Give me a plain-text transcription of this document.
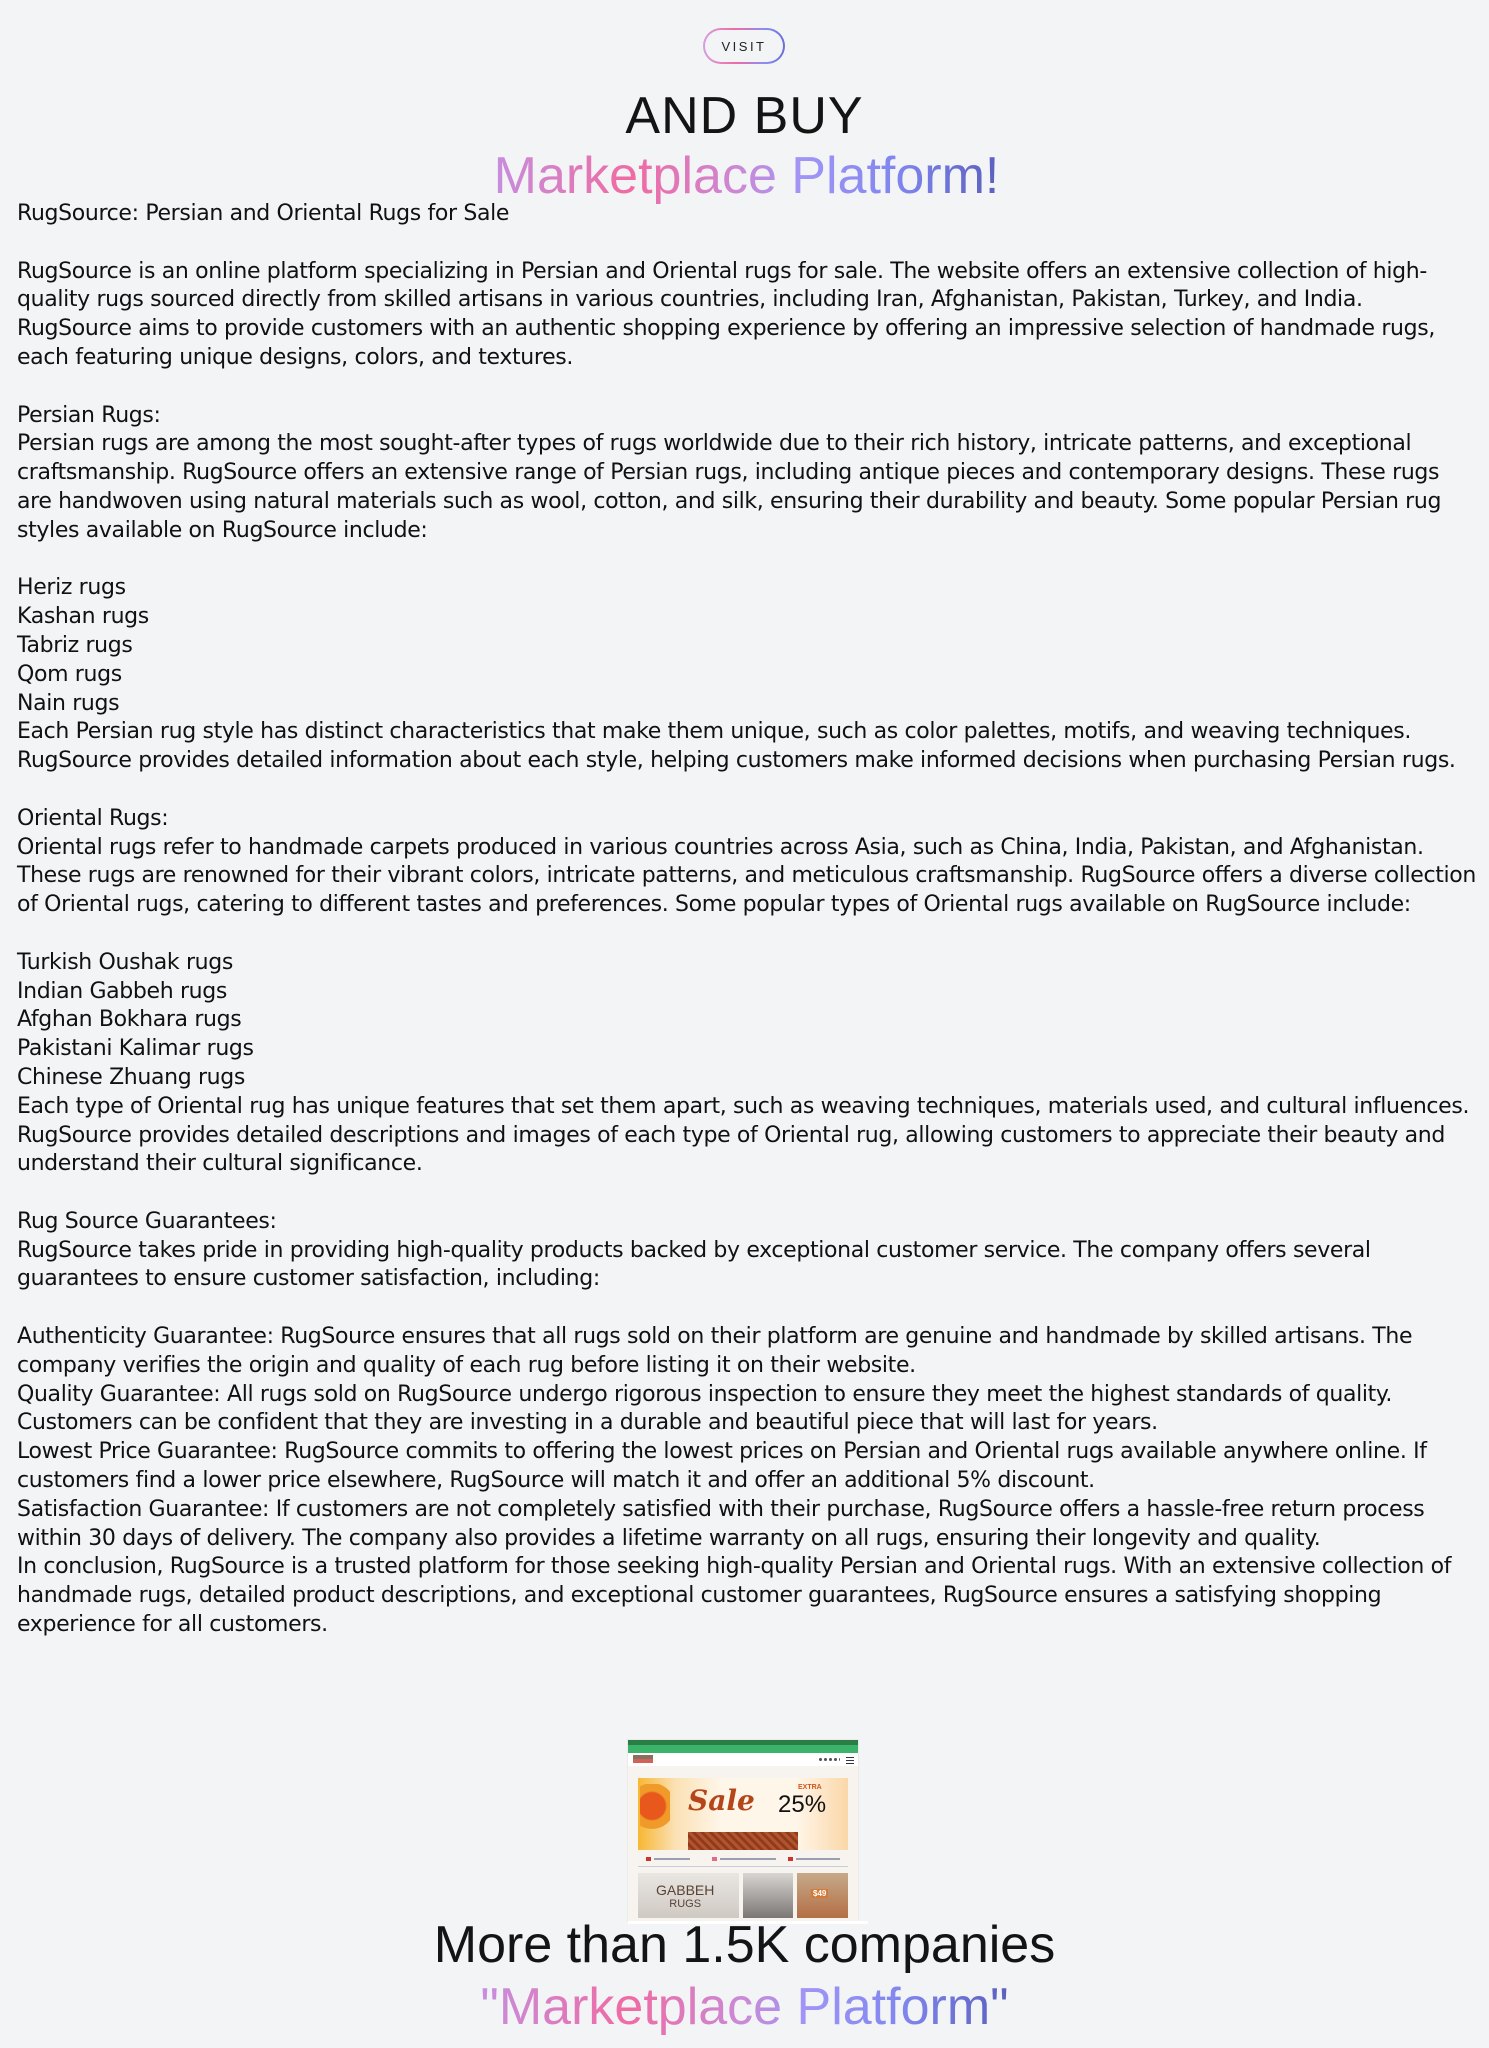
VISIT
AND BUY
Marketplace Platform!

RugSource: Persian and Oriental Rugs for Sale

RugSource is an online platform specializing in Persian and Oriental rugs for sale. The website offers an extensive collection of high-quality rugs sourced directly from skilled artisans in various countries, including Iran, Afghanistan, Pakistan, Turkey, and India. RugSource aims to provide customers with an authentic shopping experience by offering an impressive selection of handmade rugs, each featuring unique designs, colors, and textures.

Persian Rugs:

Persian rugs are among the most sought-after types of rugs worldwide due to their rich history, intricate patterns, and exceptional craftsmanship. RugSource offers an extensive range of Persian rugs, including antique pieces and contemporary designs. These rugs are handwoven using natural materials such as wool, cotton, and silk, ensuring their durability and beauty. Some popular Persian rug styles available on RugSource include:

Heriz rugs

Kashan rugs

Tabriz rugs

Qom rugs

Nain rugs

Each Persian rug style has distinct characteristics that make them unique, such as color palettes, motifs, and weaving techniques. RugSource provides detailed information about each style, helping customers make informed decisions when purchasing Persian rugs.

Oriental Rugs:

Oriental rugs refer to handmade carpets produced in various countries across Asia, such as China, India, Pakistan, and Afghanistan. These rugs are renowned for their vibrant colors, intricate patterns, and meticulous craftsmanship. RugSource offers a diverse collection of Oriental rugs, catering to different tastes and preferences. Some popular types of Oriental rugs available on RugSource include:

Turkish Oushak rugs

Indian Gabbeh rugs

Afghan Bokhara rugs

Pakistani Kalimar rugs

Chinese Zhuang rugs

Each type of Oriental rug has unique features that set them apart, such as weaving techniques, materials used, and cultural influences. RugSource provides detailed descriptions and images of each type of Oriental rug, allowing customers to appreciate their beauty and understand their cultural significance.

Rug Source Guarantees:

RugSource takes pride in providing high-quality products backed by exceptional customer service. The company offers several guarantees to ensure customer satisfaction, including:

Authenticity Guarantee: RugSource ensures that all rugs sold on their platform are genuine and handmade by skilled artisans. The company verifies the origin and quality of each rug before listing it on their website.

Quality Guarantee: All rugs sold on RugSource undergo rigorous inspection to ensure they meet the highest standards of quality. Customers can be confident that they are investing in a durable and beautiful piece that will last for years.

Lowest Price Guarantee: RugSource commits to offering the lowest prices on Persian and Oriental rugs available anywhere online. If customers find a lower price elsewhere, RugSource will match it and offer an additional 5% discount.

Satisfaction Guarantee: If customers are not completely satisfied with their purchase, RugSource offers a hassle-free return process within 30 days of delivery. The company also provides a lifetime warranty on all rugs, ensuring their longevity and quality.

In conclusion, RugSource is a trusted platform for those seeking high-quality Persian and Oriental rugs. With an extensive collection of handmade rugs, detailed product descriptions, and exceptional customer guarantees, RugSource ensures a satisfying shopping experience for all customers.

Sale	EXTRA
25%
GABBEH
RUGS
$49
More than 1.5K companies
"Marketplace Platform"
